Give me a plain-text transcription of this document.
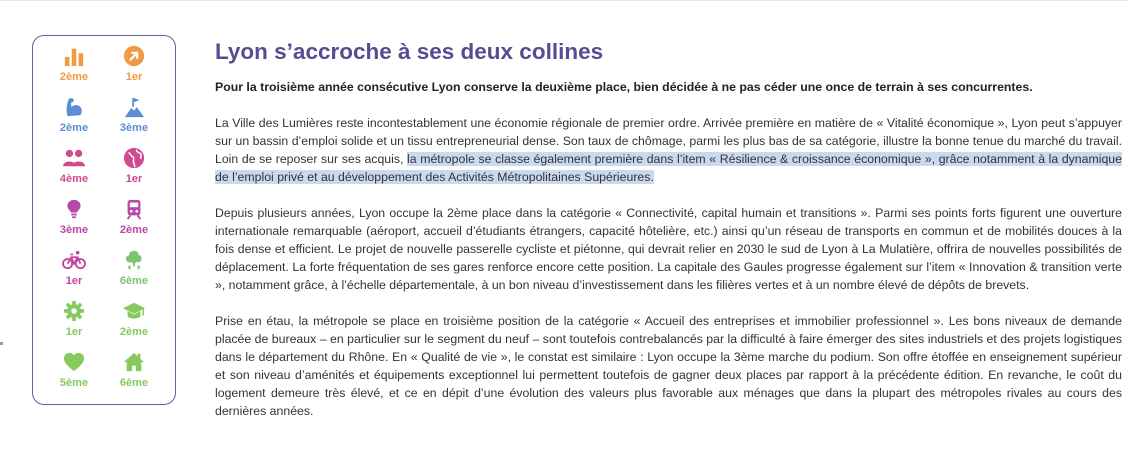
2ème	1er
2ème	3ème
4ème	1er
3ème	2ème
1er	6ème
1er	2ème
5ème	6ème
Lyon s’accroche à ses deux collines

Pour la troisième année consécutive Lyon conserve la deuxième place, bien décidée à ne pas céder une once de terrain à ses concurrentes.

La Ville des Lumières reste incontestablement une économie régionale de premier ordre. Arrivée première en matière de « Vitalité économique », Lyon peut s’appuyer sur un bassin d’emploi solide et un tissu entrepreneurial dense. Son taux de chômage, parmi les plus bas de sa catégorie, illustre la bonne tenue du marché du travail. Loin de se reposer sur ses acquis, la métropole se classe également première dans l’item « Résilience & croissance économique », grâce notamment à la dynamique de l’emploi privé et au développement des Activités Métropolitaines Supérieures.

Depuis plusieurs années, Lyon occupe la 2ème place dans la catégorie « Connectivité, capital humain et transitions ». Parmi ses points forts figurent une ouverture internationale remarquable (aéroport, accueil d’étudiants étrangers, capacité hôtelière, etc.) ainsi qu’un réseau de transports en commun et de mobilités douces à la fois dense et efficient. Le projet de nouvelle passerelle cycliste et piétonne, qui devrait relier en 2030 le sud de Lyon à La Mulatière, offrira de nouvelles possibilités de déplacement. La forte fréquentation de ses gares renforce encore cette position. La capitale des Gaules progresse également sur l’item « Innovation & transition verte », notamment grâce, à l’échelle départementale, à un bon niveau d’investissement dans les filières vertes et à un nombre élevé de dépôts de brevets.

Prise en étau, la métropole se place en troisième position de la catégorie « Accueil des entreprises et immobilier professionnel ». Les bons niveaux de demande placée de bureaux – en particulier sur le segment du neuf – sont toutefois contrebalancés par la difficulté à faire émerger des sites industriels et des projets logistiques dans le département du Rhône. En « Qualité de vie », le constat est similaire : Lyon occupe la 3ème marche du podium. Son offre étoffée en enseignement supérieur et son niveau d’aménités et équipements exceptionnel lui permettent toutefois de gagner deux places par rapport à la précédente édition. En revanche, le coût du logement demeure très élevé, et ce en dépit d’une évolution des valeurs plus favorable aux ménages que dans la plupart des métropoles rivales au cours des dernières années.
